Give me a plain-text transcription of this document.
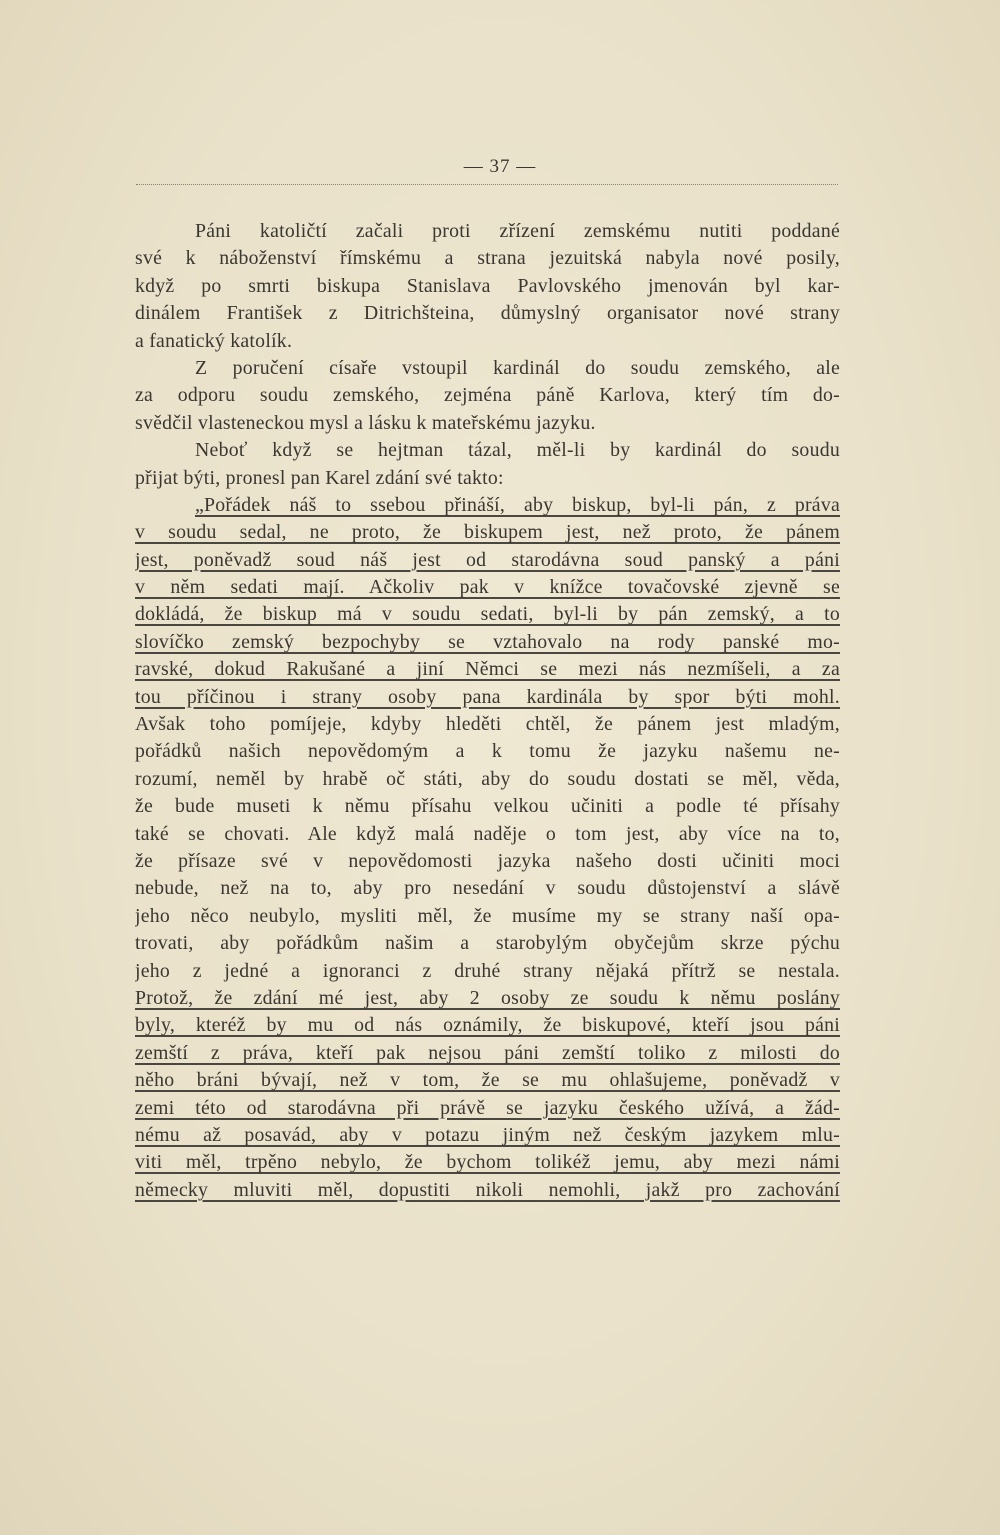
— 37 —
Páni katoličtí začali proti zřízení zemskému nutiti poddané
své k náboženství římskému a strana jezuitská nabyla nové posily,
když po smrti biskupa Stanislava Pavlovského jmenován byl kar-
dinálem František z Ditrichšteina, důmyslný organisator nové strany
a fanatický katolík.
Z poručení císaře vstoupil kardinál do soudu zemského, ale
za odporu soudu zemského, zejména páně Karlova, který tím do-
svědčil vlasteneckou mysl a lásku k mateřskému jazyku.
Neboť když se hejtman tázal, měl-li by kardinál do soudu
přijat býti, pronesl pan Karel zdání své takto:
„Pořádek náš to ssebou přináší, aby biskup, byl-li pán, z práva
v soudu sedal, ne proto, že biskupem jest, než proto, že pánem
jest, poněvadž soud náš jest od starodávna soud panský a páni
v něm sedati mají. Ačkoliv pak v knížce tovačovské zjevně se
dokládá, že biskup má v soudu sedati, byl-li by pán zemský, a to
slovíčko zemský bezpochyby se vztahovalo na rody panské mo-
ravské, dokud Rakušané a jiní Němci se mezi nás nezmíšeli, a za
tou příčinou i strany osoby pana kardinála by spor býti mohl.
Avšak toho pomíjeje, kdyby hleděti chtěl, že pánem jest mladým,
pořádků našich nepovědomým a k tomu že jazyku našemu ne-
rozumí, neměl by hrabě oč státi, aby do soudu dostati se měl, věda,
že bude museti k němu přísahu velkou učiniti a podle té přísahy
také se chovati. Ale když malá naděje o tom jest, aby více na to,
že přísaze své v nepovědomosti jazyka našeho dosti učiniti moci
nebude, než na to, aby pro nesedání v soudu důstojenství a slávě
jeho něco neubylo, mysliti měl, že musíme my se strany naší opa-
trovati, aby pořádkům našim a starobylým obyčejům skrze pýchu
jeho z jedné a ignoranci z druhé strany nějaká přítrž se nestala.
Protož, že zdání mé jest, aby 2 osoby ze soudu k němu poslány
byly, kteréž by mu od nás oznámily, že biskupové, kteří jsou páni
zemští z práva, kteří pak nejsou páni zemští toliko z milosti do
něho bráni bývají, než v tom, že se mu ohlašujeme, poněvadž v
zemi této od starodávna při právě se jazyku českého užívá, a žád-
nému až posavád, aby v potazu jiným než českým jazykem mlu-
viti měl, trpěno nebylo, že bychom tolikéž jemu, aby mezi námi
německy mluviti měl, dopustiti nikoli nemohli, jakž pro zachování
